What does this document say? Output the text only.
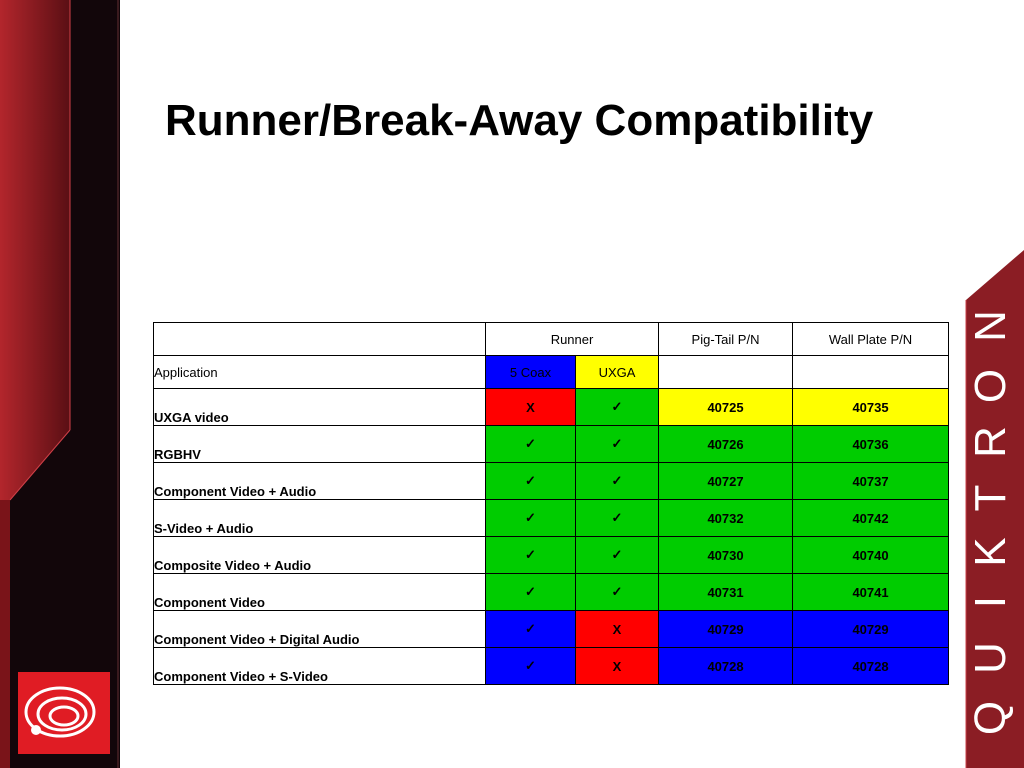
Q
U
I
K
T
R
O
N
Runner/Break-Away Compatibility
	Runner		Pig-Tail P/N	Wall Plate P/N
Application	5 Coax	UXGA		
UXGA video	X	✓	40725	40735
RGBHV	✓	✓	40726	40736
Component Video + Audio	✓	✓	40727	40737
S-Video + Audio	✓	✓	40732	40742
Composite Video + Audio	✓	✓	40730	40740
Component Video	✓	✓	40731	40741
Component Video + Digital Audio	✓	X	40729	40729
Component Video + S-Video	✓	X	40728	40728
